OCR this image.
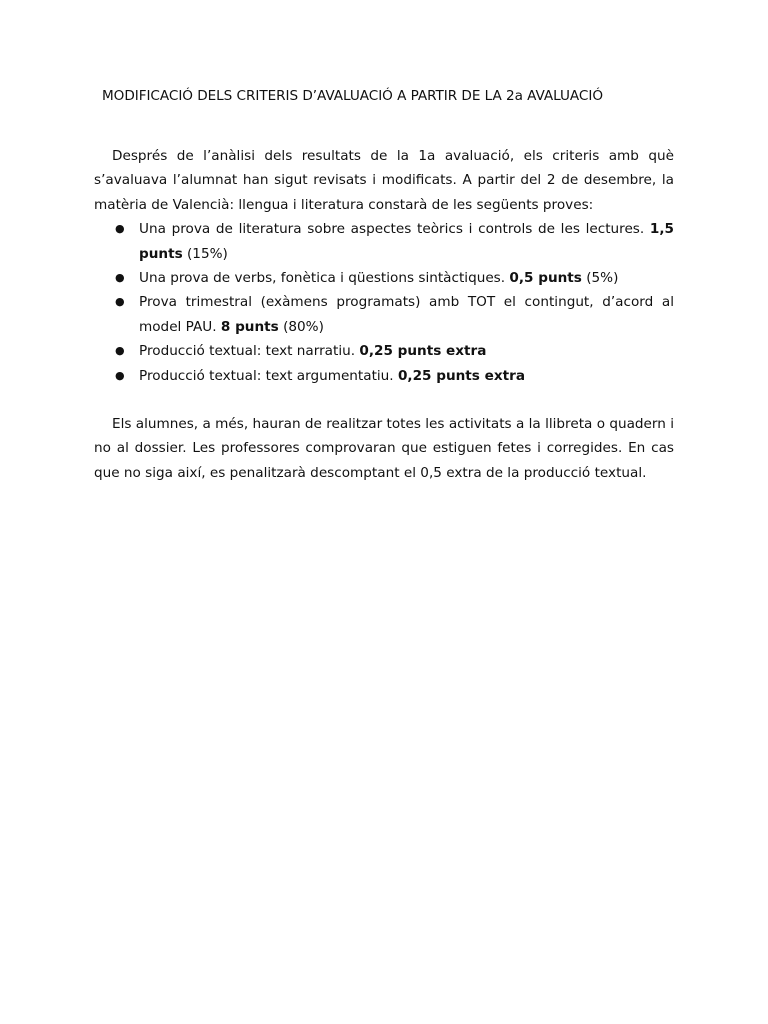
MODIFICACIÓ DELS CRITERIS D’AVALUACIÓ A PARTIR DE LA 2a AVALUACIÓ

Després de l’anàlisi dels resultats de la 1a avaluació, els criteris amb què s’avaluava l’alumnat han sigut revisats i modificats. A partir del 2 de desembre, la matèria de Valencià: llengua i literatura constarà de les següents proves:

● Una prova de literatura sobre aspectes teòrics i controls de les lectures. 1,5 punts (15%)
● Una prova de verbs, fonètica i qüestions sintàctiques. 0,5 punts (5%)
● Prova trimestral (exàmens programats) amb TOT el contingut, d’acord al model PAU. 8 punts (80%)
● Producció textual: text narratiu. 0,25 punts extra
● Producció textual: text argumentatiu. 0,25 punts extra

Els alumnes, a més, hauran de realitzar totes les activitats a la llibreta o quadern i no al dossier. Les professores comprovaran que estiguen fetes i corregides. En cas que no siga així, es penalitzarà descomptant el 0,5 extra de la producció textual.
